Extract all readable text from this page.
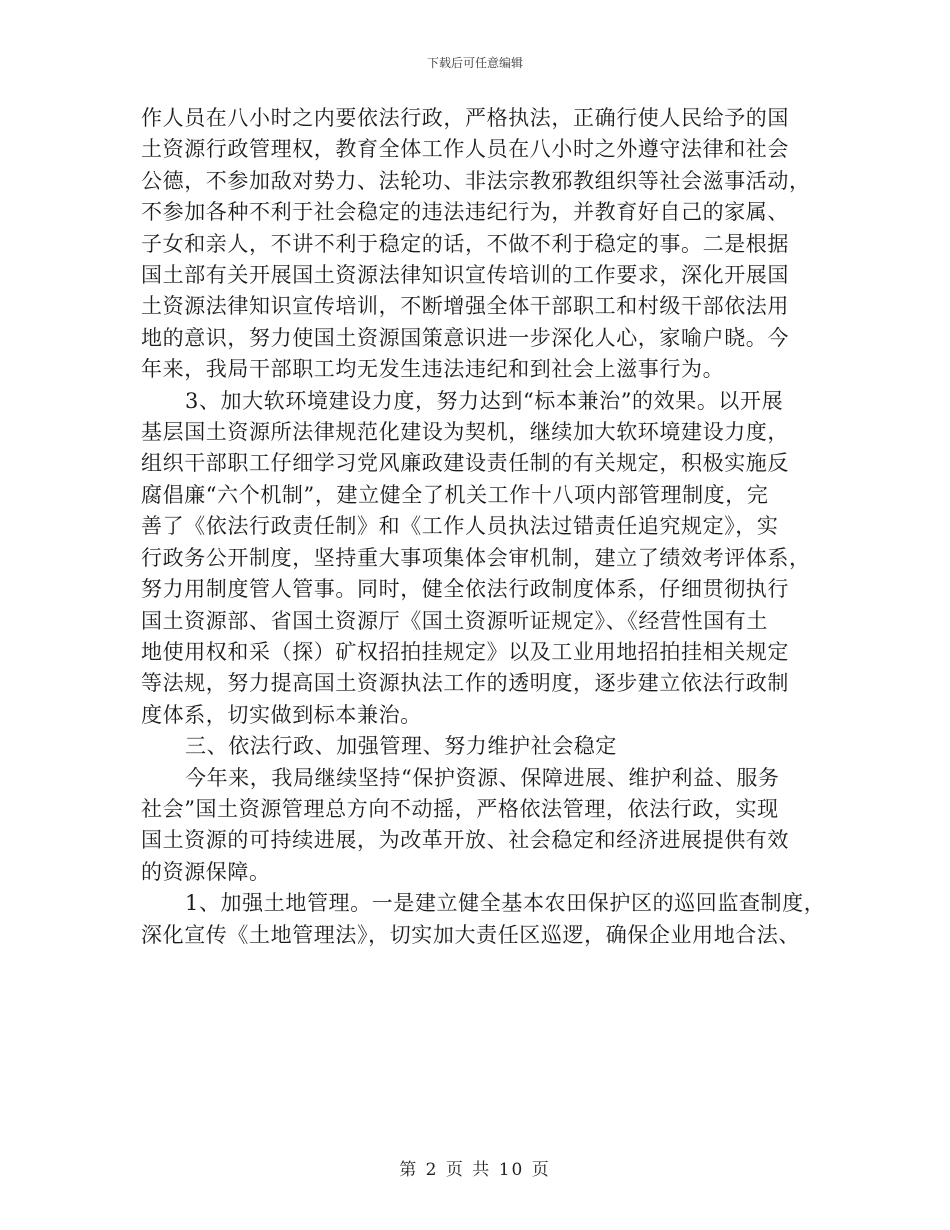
下载后可任意编辑
作人员在八小时之内要依法行政，严格执法，正确行使人民给予的国
土资源行政管理权，教育全体工作人员在八小时之外遵守法律和社会
公德，不参加敌对势力、法轮功、非法宗教邪教组织等社会滋事活动，
不参加各种不利于社会稳定的违法违纪行为，并教育好自己的家属、
子女和亲人，不讲不利于稳定的话，不做不利于稳定的事。二是根据
国土部有关开展国土资源法律知识宣传培训的工作要求，深化开展国
土资源法律知识宣传培训，不断增强全体干部职工和村级干部依法用
地的意识，努力使国土资源国策意识进一步深化人心，家喻户晓。今
年来，我局干部职工均无发生违法违纪和到社会上滋事行为。
3、加大软环境建设力度，努力达到“标本兼治”的效果。以开展
基层国土资源所法律规范化建设为契机，继续加大软环境建设力度，
组织干部职工仔细学习党风廉政建设责任制的有关规定，积极实施反
腐倡廉“六个机制”，建立健全了机关工作十八项内部管理制度，完
善了《依法行政责任制》和《工作人员执法过错责任追究规定》，实
行政务公开制度，坚持重大事项集体会审机制，建立了绩效考评体系，
努力用制度管人管事。同时，健全依法行政制度体系，仔细贯彻执行
国土资源部、省国土资源厅《国土资源听证规定》、《经营性国有土
地使用权和采（探）矿权招拍挂规定》以及工业用地招拍挂相关规定
等法规，努力提高国土资源执法工作的透明度，逐步建立依法行政制
度体系，切实做到标本兼治。
三、依法行政、加强管理、努力维护社会稳定
今年来，我局继续坚持“保护资源、保障进展、维护利益、服务
社会”国土资源管理总方向不动摇，严格依法管理，依法行政，实现
国土资源的可持续进展，为改革开放、社会稳定和经济进展提供有效
的资源保障。
1、加强土地管理。一是建立健全基本农田保护区的巡回监查制度，
深化宣传《土地管理法》，切实加大责任区巡逻，确保企业用地合法、
第 2 页 共 10 页
